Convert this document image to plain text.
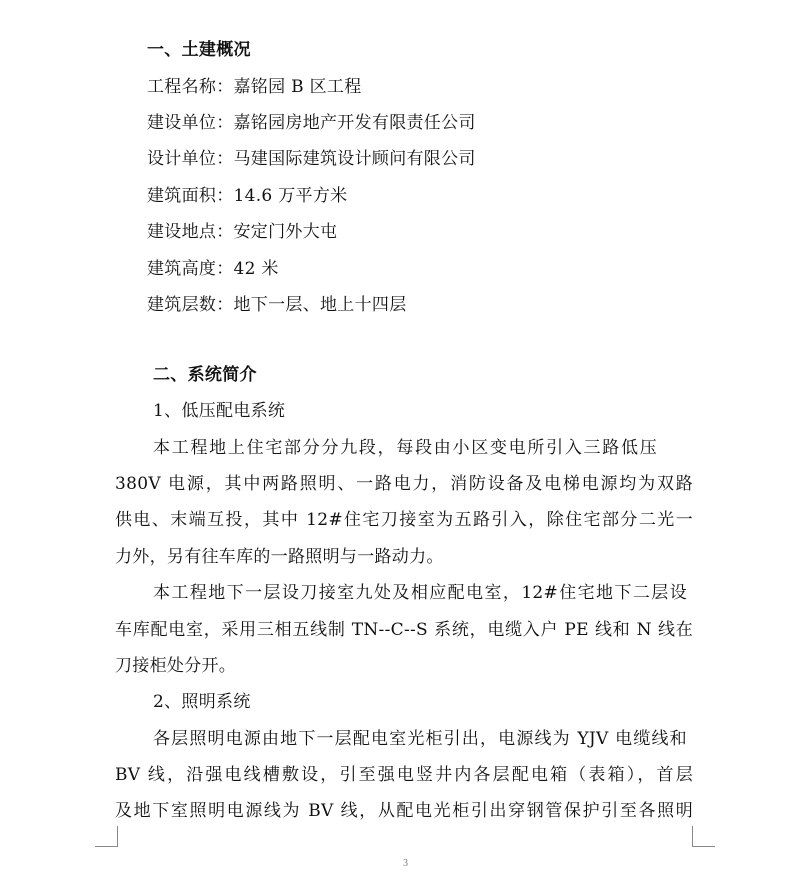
一、土建概况
工程名称：嘉铭园 B 区工程
建设单位：嘉铭园房地产开发有限责任公司
设计单位：马建国际建筑设计顾问有限公司
建筑面积：14.6 万平方米
建设地点：安定门外大屯
建筑高度：42 米
建筑层数：地下一层、地上十四层
二、系统简介
1、低压配电系统
本工程地上住宅部分分九段，每段由小区变电所引入三路低压
380V 电源，其中两路照明、一路电力，消防设备及电梯电源均为双路
供电、末端互投，其中 12#住宅刀接室为五路引入，除住宅部分二光一
力外，另有往车库的一路照明与一路动力。
本工程地下一层设刀接室九处及相应配电室，12#住宅地下二层设
车库配电室，采用三相五线制 TN--C--S 系统，电缆入户 PE 线和 N 线在
刀接柜处分开。
2、照明系统
各层照明电源由地下一层配电室光柜引出，电源线为 YJV 电缆线和
BV 线，沿强电线槽敷设，引至强电竖井内各层配电箱（表箱），首层
及地下室照明电源线为 BV 线，从配电光柜引出穿钢管保护引至各照明
3
